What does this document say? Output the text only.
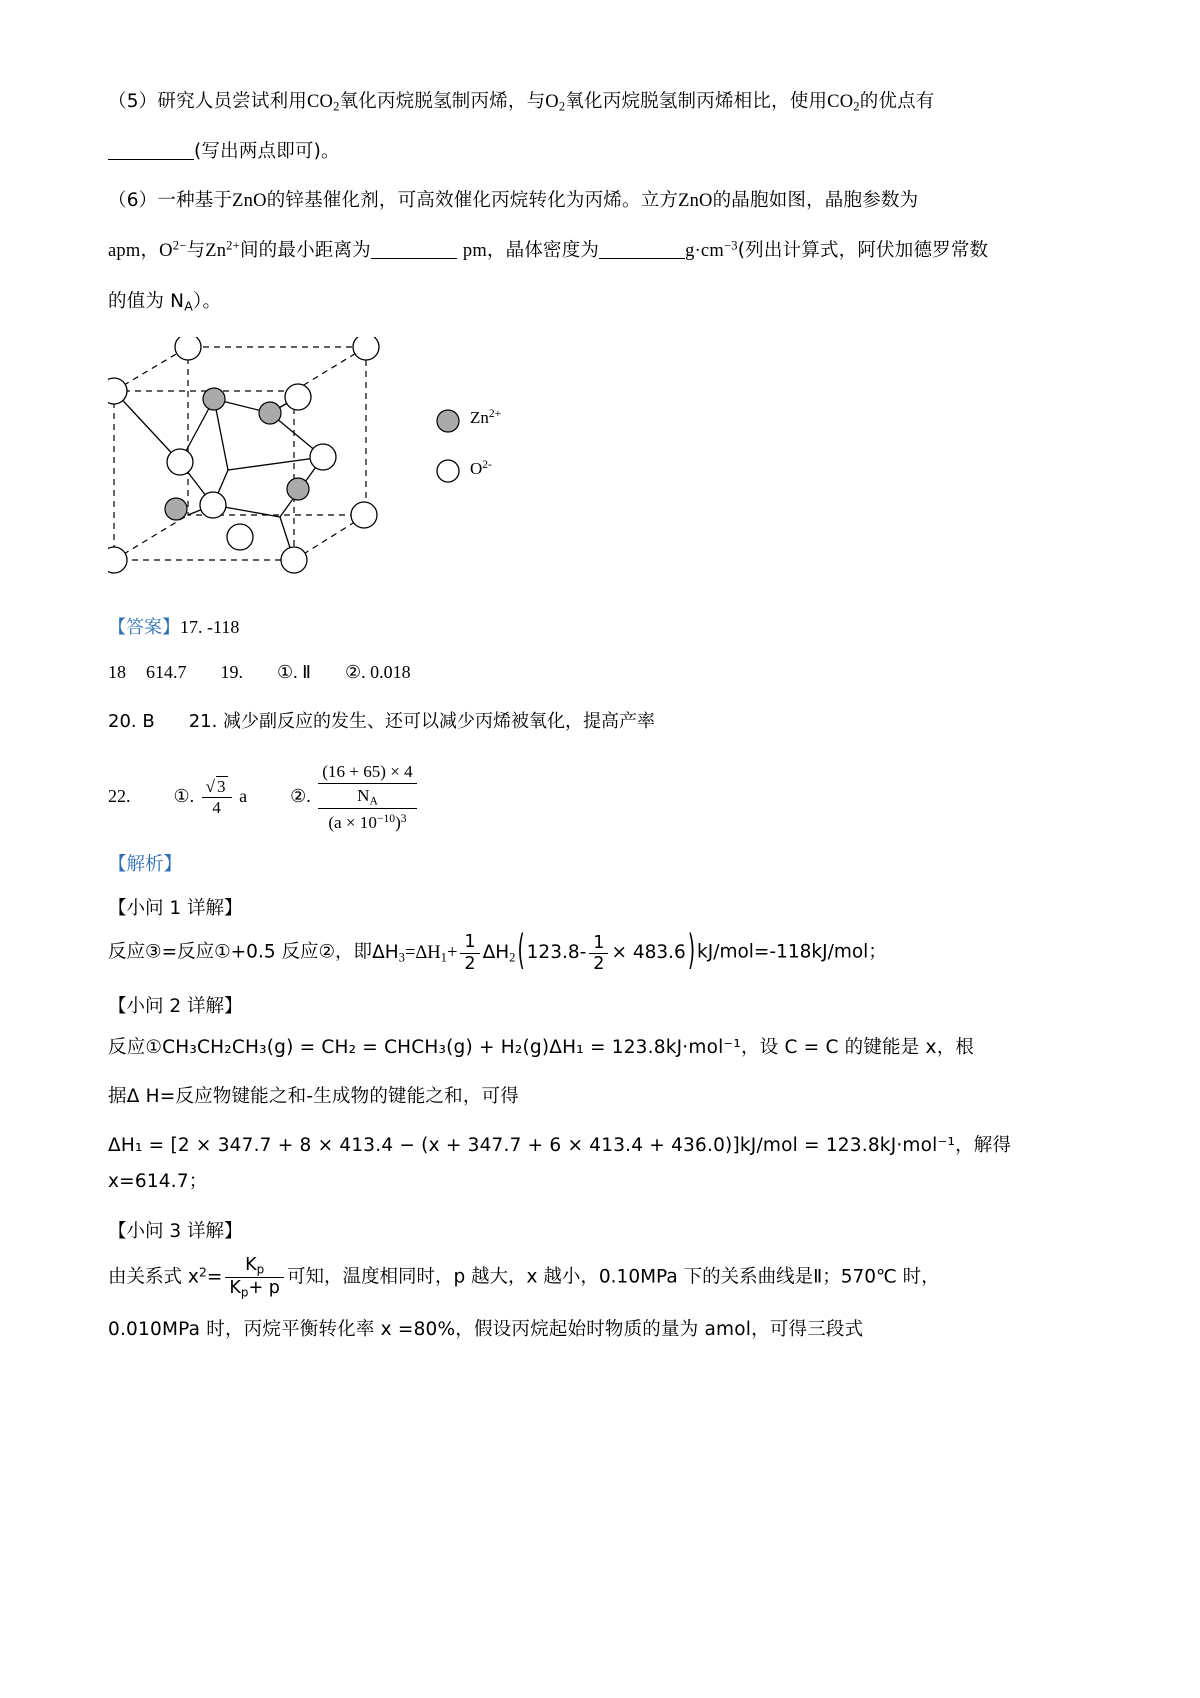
（5）研究人员尝试利用$CO_2$氧化丙烷脱氢制丙烯，与$O_2$氧化丙烷脱氢制丙烯相比，使用$CO_2$的优点有

(写出两点即可)。

（6）一种基于ZnO的锌基催化剂，可高效催化丙烷转化为丙烯。立方ZnO的晶胞如图，晶胞参数为

apm，$O^{2-}$与$Zn^{2+}$间的最小距离为	pm，晶体密度为	$g\cdot cm^{-3}$(列出计算式，阿伏加德罗常数

的值为 $N_A$）。

$Zn^{2+}$
$O^{2-}$

【答案】17. -118

18 614.7 19. ①. Ⅱ ②. 0.018

20. B 21. 减少副反应的发生、还可以减少丙烯被氧化，提高产率

22. ①. $\frac{√ 3}{4}$ a ②.
(16 + 65) × 4
$N_A$
$(a \times 10^{-10})^3$

【解析】

【小问 1 详解】

反应③=反应①+0.5 反应②，即$\Delta H_3=\Delta H_1+ \frac{1}{2} \Delta H_2$ ( $123.8- \frac{1}{2} \times 483.6$ ) kJ/mol=-118kJ/mol；

【小问 2 详解】

反应①CH₃CH₂CH₃(g) = CH₂ = CHCH₃(g) + H₂(g)ΔH₁ = 123.8kJ·mol⁻¹，设 C = C 的键能是 x，根

据Δ H=反应物键能之和-生成物的键能之和，可得

ΔH₁ = [2 × 347.7 + 8 × 413.4 − (x + 347.7 + 6 × 413.4 + 436.0)]kJ/mol = 123.8kJ·mol⁻¹，解得 x=614.7；

【小问 3 详解】

由关系式 $x^2= \frac{K_p}{K_p+ p}$ 可知，温度相同时，p 越大，x 越小，0.10MPa 下的关系曲线是Ⅱ；570℃ 时，

0.010MPa 时，丙烷平衡转化率 x =80%，假设丙烷起始时物质的量为 amol，可得三段式
